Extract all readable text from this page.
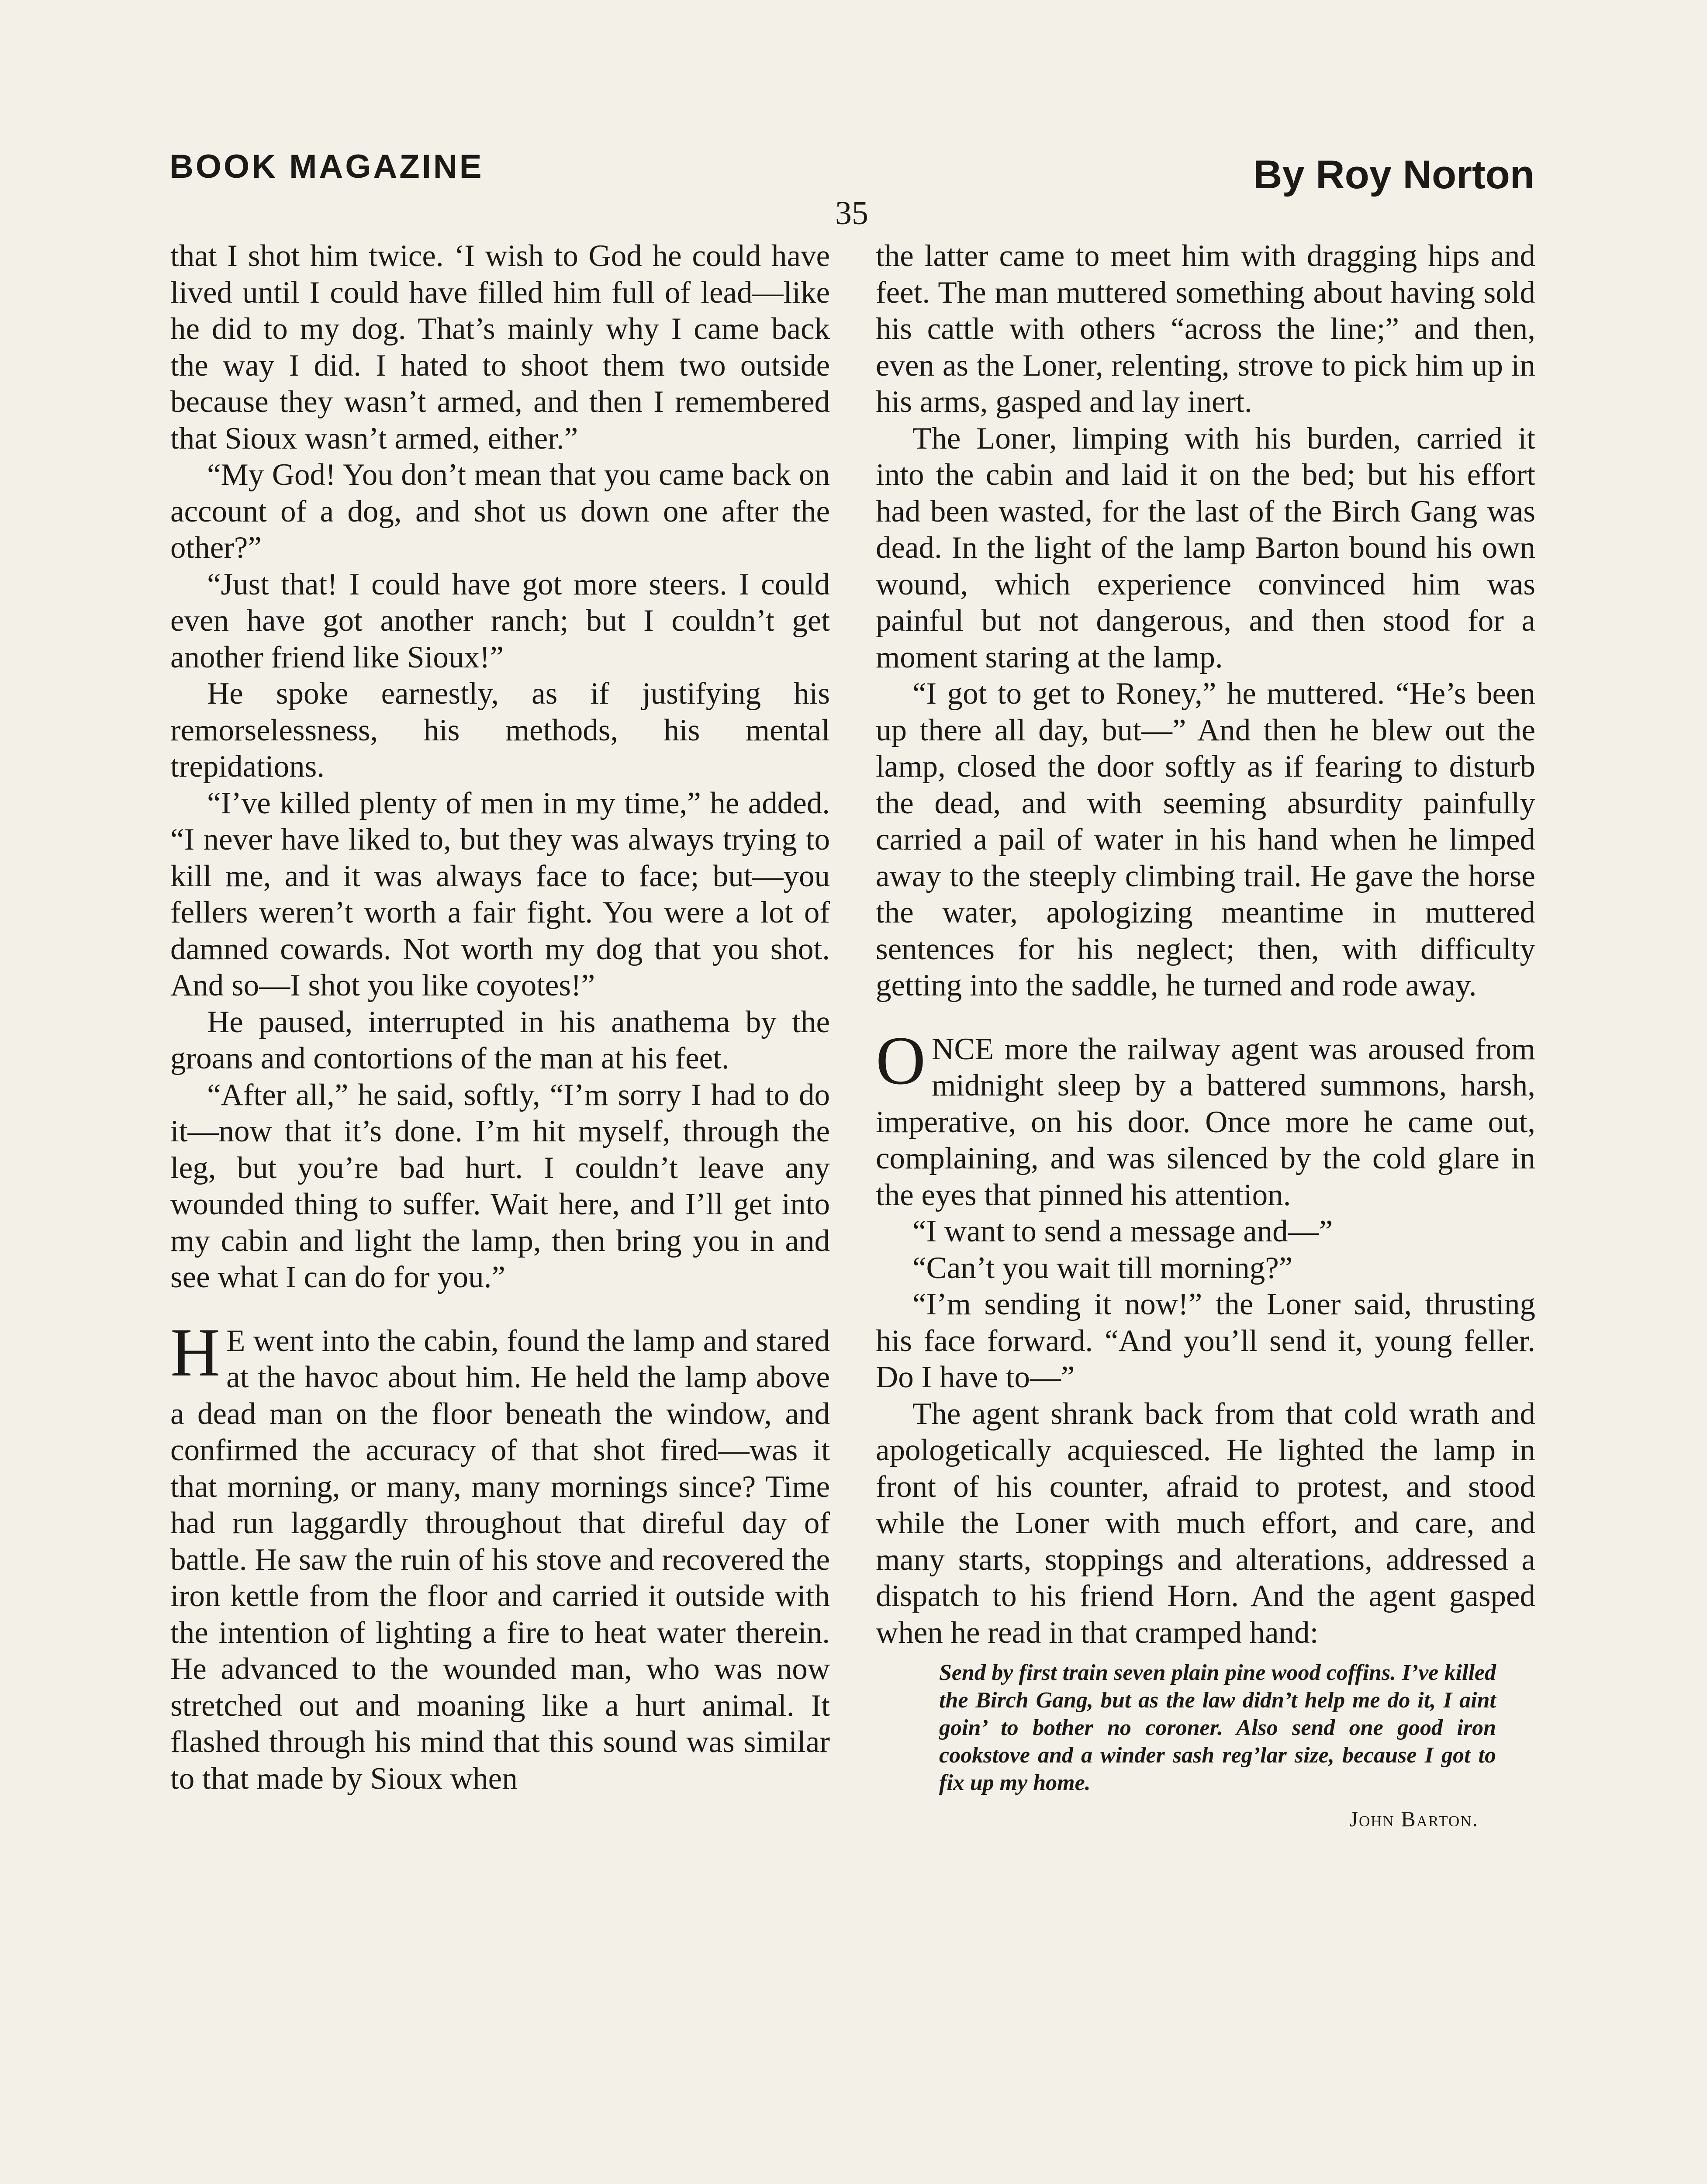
BOOK MAGAZINE	By Roy Norton
35

that I shot him twice. ‘I wish to God he could have lived until I could have filled him full of lead—like he did to my dog. That’s mainly why I came back the way I did. I hated to shoot them two outside because they wasn’t armed, and then I remembered that Sioux wasn’t armed, either.”

“My God! You don’t mean that you came back on account of a dog, and shot us down one after the other?”

“Just that! I could have got more steers. I could even have got another ranch; but I couldn’t get another friend like Sioux!”

He spoke earnestly, as if justifying his remorselessness, his methods, his mental trepidations.

“I’ve killed plenty of men in my time,” he added. “I never have liked to, but they was always trying to kill me, and it was always face to face; but—you fellers weren’t worth a fair fight. You were a lot of damned cowards. Not worth my dog that you shot. And so—I shot you like coyotes!”

He paused, interrupted in his anathema by the groans and contortions of the man at his feet.

“After all,” he said, softly, “I’m sorry I had to do it—now that it’s done. I’m hit myself, through the leg, but you’re bad hurt. I couldn’t leave any wounded thing to suffer. Wait here, and I’ll get into my cabin and light the lamp, then bring you in and see what I can do for you.”

H E went into the cabin, found the lamp and stared at the havoc about him. He held the lamp above a dead man on the floor beneath the window, and confirmed the accuracy of that shot fired—was it that morning, or many, many mornings since? Time had run laggardly throughout that direful day of battle. He saw the ruin of his stove and recovered the iron kettle from the floor and carried it outside with the intention of lighting a fire to heat water therein. He advanced to the wounded man, who was now stretched out and moaning like a hurt animal. It flashed through his mind that this sound was similar to that made by Sioux when

the latter came to meet him with dragging hips and feet. The man muttered something about having sold his cattle with others “across the line;” and then, even as the Loner, relenting, strove to pick him up in his arms, gasped and lay inert.

The Loner, limping with his burden, carried it into the cabin and laid it on the bed; but his effort had been wasted, for the last of the Birch Gang was dead. In the light of the lamp Barton bound his own wound, which experience convinced him was painful but not dangerous, and then stood for a moment staring at the lamp.

“I got to get to Roney,” he muttered. “He’s been up there all day, but—” And then he blew out the lamp, closed the door softly as if fearing to disturb the dead, and with seeming absurdity painfully carried a pail of water in his hand when he limped away to the steeply climbing trail. He gave the horse the water, apologizing meantime in muttered sentences for his neglect; then, with difficulty getting into the saddle, he turned and rode away.

O NCE more the railway agent was aroused from midnight sleep by a battered summons, harsh, imperative, on his door. Once more he came out, complaining, and was silenced by the cold glare in the eyes that pinned his attention.

“I want to send a message and—”

“Can’t you wait till morning?”

“I’m sending it now!” the Loner said, thrusting his face forward. “And you’ll send it, young feller. Do I have to—”

The agent shrank back from that cold wrath and apologetically acquiesced. He lighted the lamp in front of his counter, afraid to protest, and stood while the Loner with much effort, and care, and many starts, stoppings and alterations, addressed a dispatch to his friend Horn. And the agent gasped when he read in that cramped hand:

Send by first train seven plain pine wood coffins. I’ve killed the Birch Gang, but as the law didn’t help me do it, I aint goin’ to bother no coroner. Also send one good iron cookstove and a winder sash reg’lar size, because I got to fix up my home.
John Barton.
